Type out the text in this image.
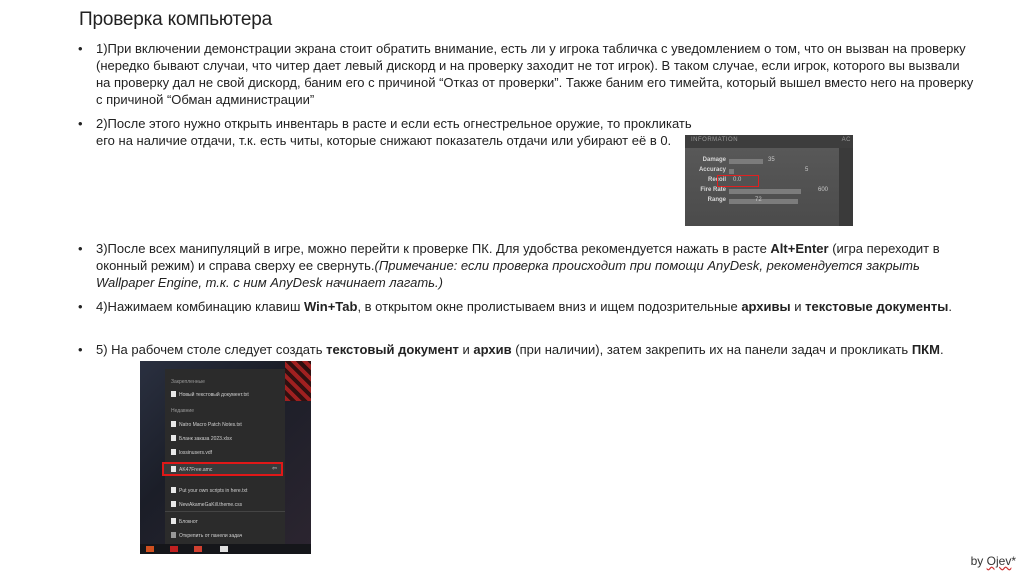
Проверка компьютера
• 1)При включении демонстрации экрана стоит обратить внимание, есть ли у игрока табличка с уведомлением о том, что он вызван на проверку (нередко бывают случаи, что читер дает левый дискорд и на проверку заходит не тот игрок). В таком случае, если игрок, которого вы вызвали на проверку дал не свой дискорд, баним его с причиной “Отказ от проверки”. Также баним его тимейта, который вышел вместо него на проверку с причиной “Обман администрации”

• 2)После этого нужно открыть инвентарь в расте и если есть огнестрельное оружие, то прокликать его на наличие отдачи, т.к. есть читы, которые снижают показатель отдачи или убирают её в 0.

• 3)После всех манипуляций в игре, можно перейти к проверке ПК. Для удобства рекомендуется нажать в расте Alt+Enter (игра переходит в оконный режим) и справа сверху ее свернуть.(Примечание: если проверка происходит при помощи AnyDesk, рекомендуется закрыть Wallpaper Engine, т.к. с ним AnyDesk начинает лагать.)

• 4)Нажимаем комбинацию клавиш Win+Tab, в открытом окне пролистываем вниз и ищем подозрительные архивы и текстовые документы.

• 5) На рабочем столе следует создать текстовый документ и архив (при наличии), затем закрепить их на панели задач и прокликать ПКМ.

INFORMATION	AC
Damage	35
Accuracy	5
Recoil 0.0
Fire Rate	600
Range	72
Закрепленные
Новый текстовый документ.txt
Недавние
Natro Macro Patch Notes.txt
Бланк заказа 2023.xlsx
lossinusers.vdf
Put your own scripts in here.txt
NewAkameGaKill.theme.css
AK47Free.amc	⇦
Блокнот
Открепить от панели задач
by Ojev*
